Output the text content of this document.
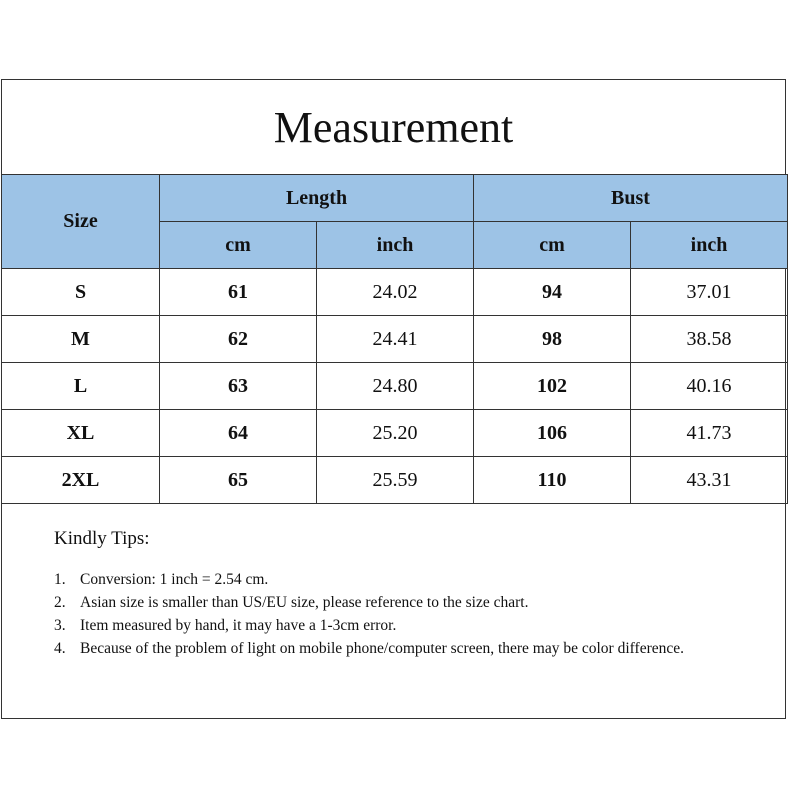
Measurement
Size	Length		Bust	
	cm	inch	cm	inch
S	61	24.02	94	37.01
M	62	24.41	98	38.58
L	63	24.80	102	40.16
XL	64	25.20	106	41.73
2XL	65	25.59	110	43.31
Kindly Tips:
1. Conversion: 1 inch = 2.54 cm.
2. Asian size is smaller than US/EU size, please reference to the size chart.
3. Item measured by hand, it may have a 1-3cm error.
4. Because of the problem of light on mobile phone/computer screen, there may be color difference.
